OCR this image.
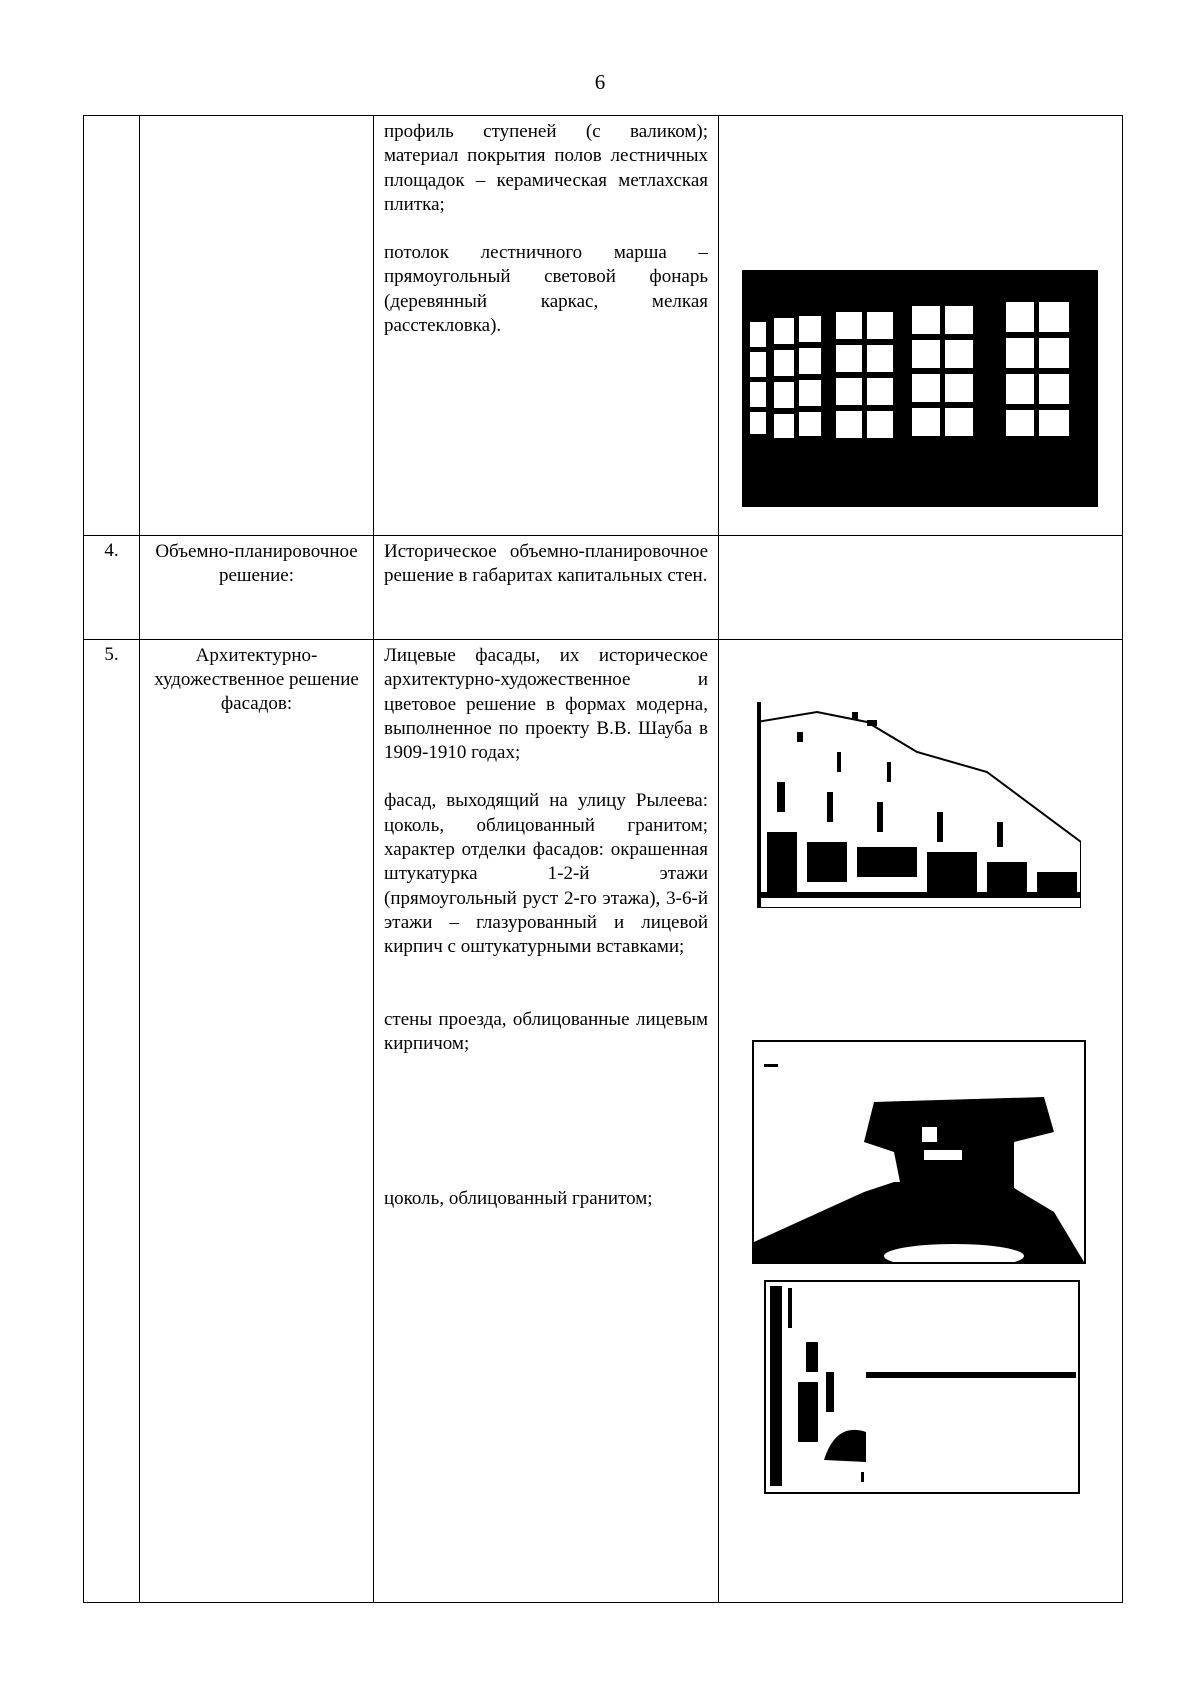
6

		профиль ступеней (с валиком); материал покрытия полов лестничных площадок – керамическая метлахская плитка;

потолок лестничного марша – прямоугольный световой фонарь (деревянный каркас, мелкая расстекловка).

4.	Объемно-планировочное решение:	Историческое объемно-планировочное решение в габаритах капитальных стен.	

5.	Архитектурно-художественное решение фасадов:	Лицевые фасады, их историческое архитектурно-художественное и цветовое решение в формах модерна, выполненное по проекту В.В. Шауба в 1909-1910 годах;

фасад, выходящий на улицу Рылеева: цоколь, облицованный гранитом; характер отделки фасадов: окрашенная штукатурка 1-2-й этажи (прямоугольный руст 2-го этажа), 3-6-й этажи – глазурованный и лицевой кирпич с оштукатурными вставками;

стены проезда, облицованные лицевым кирпичом;

цоколь, облицованный гранитом;
